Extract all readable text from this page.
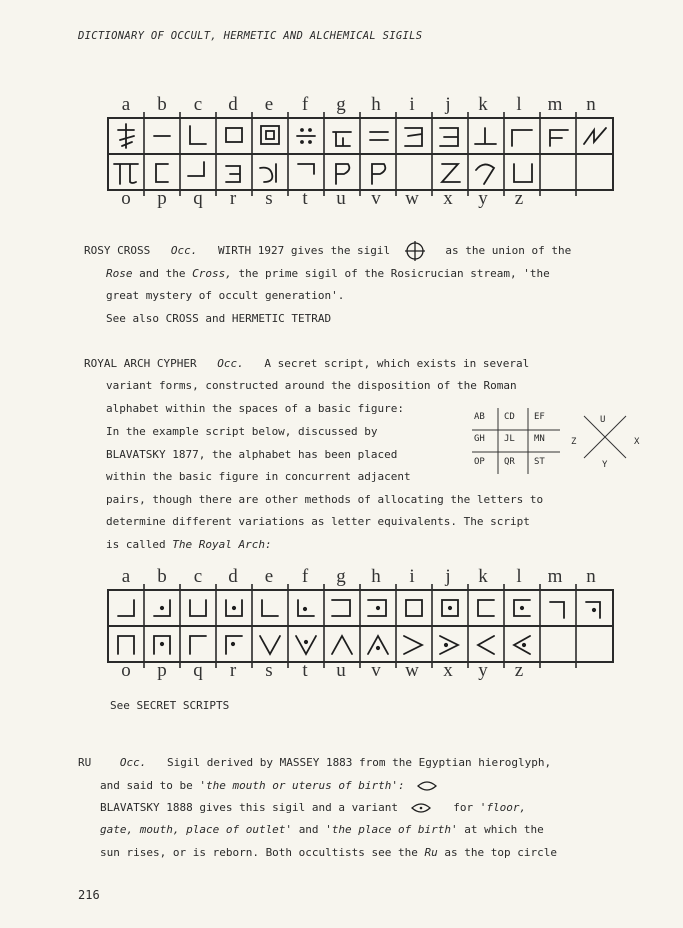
DICTIONARY OF OCCULT, HERMETIC AND ALCHEMICAL SIGILS
a	b	c	d	e	f	g	h	i	j	k	l	m	n
o	p	q	r	s	t	u	v	w	x	y	z
ROSY CROSS Occ. WIRTH 1927 gives the sigil	as the union of the
Rose and the Cross, the prime sigil of the Rosicrucian stream, 'the
great mystery of occult generation'.
See also CROSS and HERMETIC TETRAD
ROYAL ARCH CYPHER Occ. A secret script, which exists in several
variant forms, constructed around the disposition of the Roman
alphabet within the spaces of a basic figure:
In the example script below, discussed by
BLAVATSKY 1877, the alphabet has been placed
within the basic figure in concurrent adjacent
pairs, though there are other methods of allocating the letters to
determine different variations as letter equivalents. The script
is called The Royal Arch:
AB CD EF
GH JL MN
OP QR ST
U
Z	X
Y
a	b	c	d	e	f	g	h	i	j	k	l	m	n
o	p	q	r	s	t	u	v	w	x	y	z
See SECRET SCRIPTS
RU	Occ. Sigil derived by MASSEY 1883 from the Egyptian hieroglyph,
and said to be 'the mouth or uterus of birth':
BLAVATSKY 1888 gives this sigil and a variant	for 'floor,
gate, mouth, place of outlet' and 'the place of birth' at which the
sun rises, or is reborn. Both occultists see the Ru as the top circle
216
